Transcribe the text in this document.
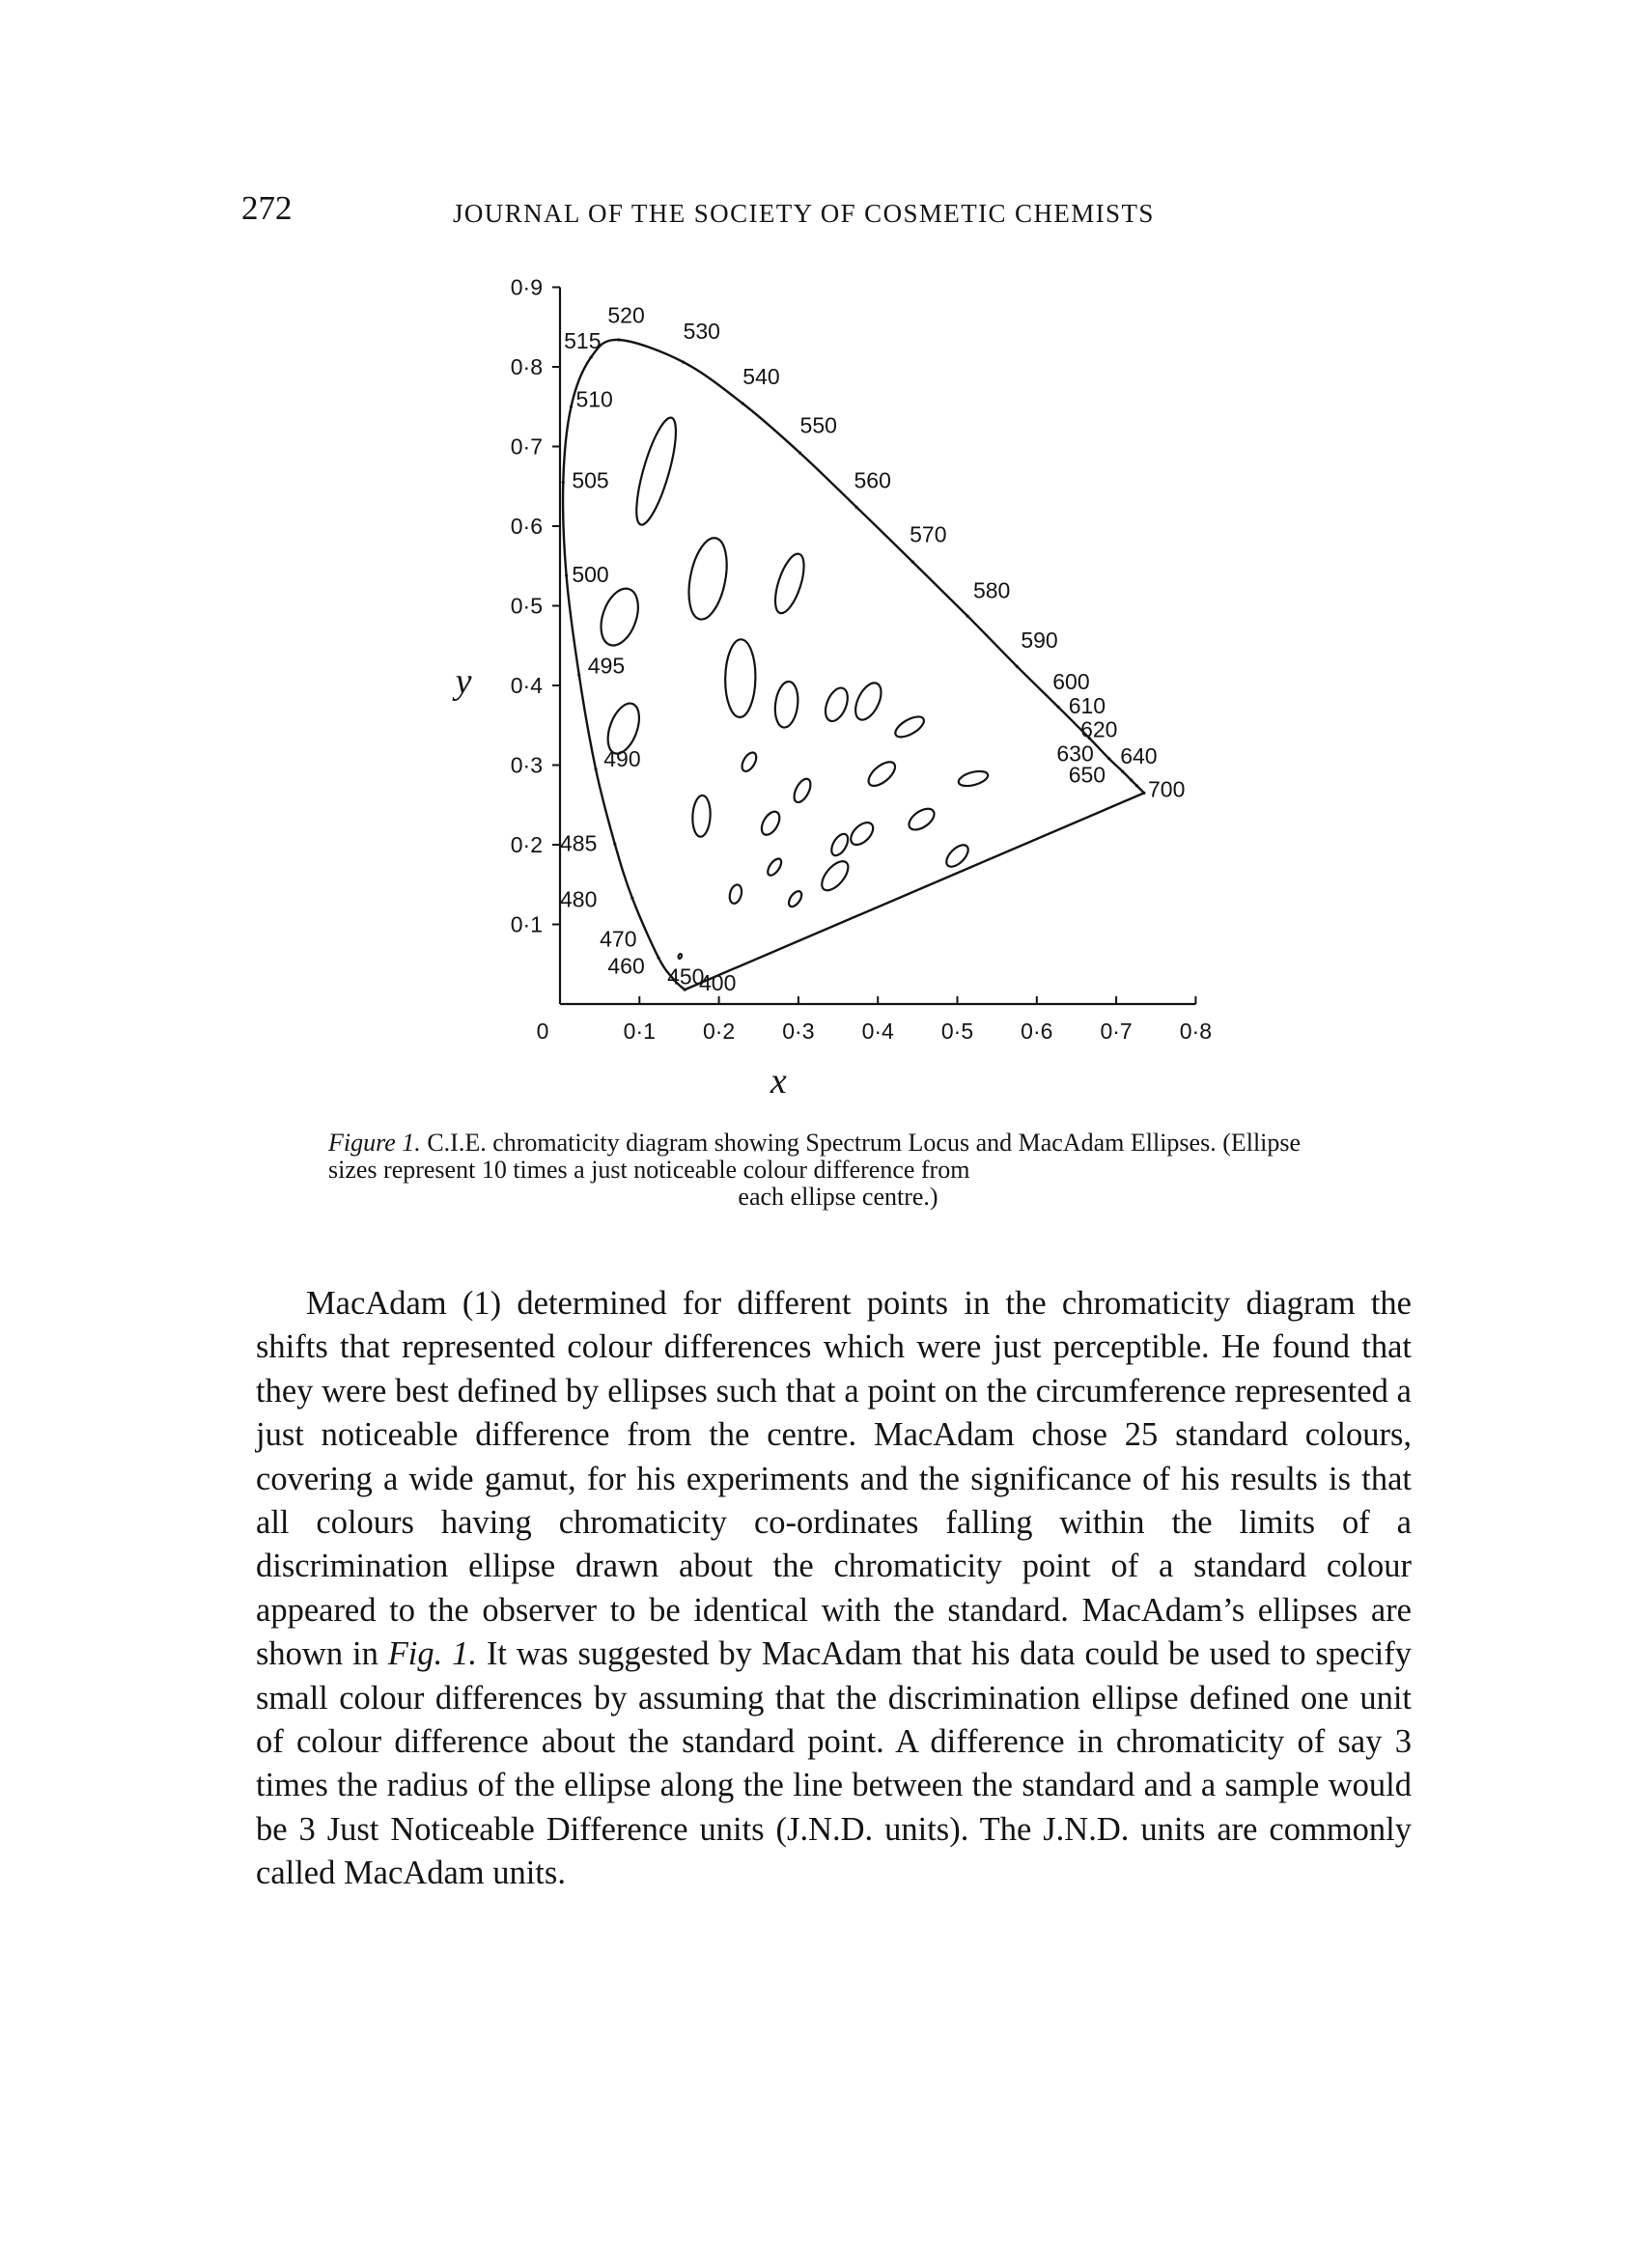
272	JOURNAL OF THE SOCIETY OF COSMETIC CHEMISTS
0·1
0·2
0·3
0·4
0·5
0·6
0·7
0·8
0·9
0·1 0·2 0·3 0·4 0·5 0·6 0·7 0·8
0
x
y
520
515	530
540
510
550
505	560
570
500
580
495
590
600
610
620
490	630 640
650
700
485
480
470
460 450
400

Figure 1. C.I.E. chromaticity diagram showing Spectrum Locus and MacAdam Ellipses. (Ellipse sizes represent 10 times a just noticeable colour difference from
each ellipse centre.)

MacAdam (1) determined for different points in the chromaticity diagram the shifts that represented colour differences which were just perceptible. He found that they were best defined by ellipses such that a point on the circumference represented a just noticeable difference from the centre. MacAdam chose 25 standard colours, covering a wide gamut, for his experiments and the significance of his results is that all colours having chromaticity co-ordinates falling within the limits of a discrimination ellipse drawn about the chromaticity point of a standard colour appeared to the observer to be identical with the standard. MacAdam’s ellipses are shown in Fig. 1. It was suggested by MacAdam that his data could be used to specify small colour differences by assuming that the discrimination ellipse defined one unit of colour difference about the standard point. A difference in chromaticity of say 3 times the radius of the ellipse along the line between the standard and a sample would be 3 Just Noticeable Difference units (J.N.D. units). The J.N.D. units are commonly called MacAdam units.
